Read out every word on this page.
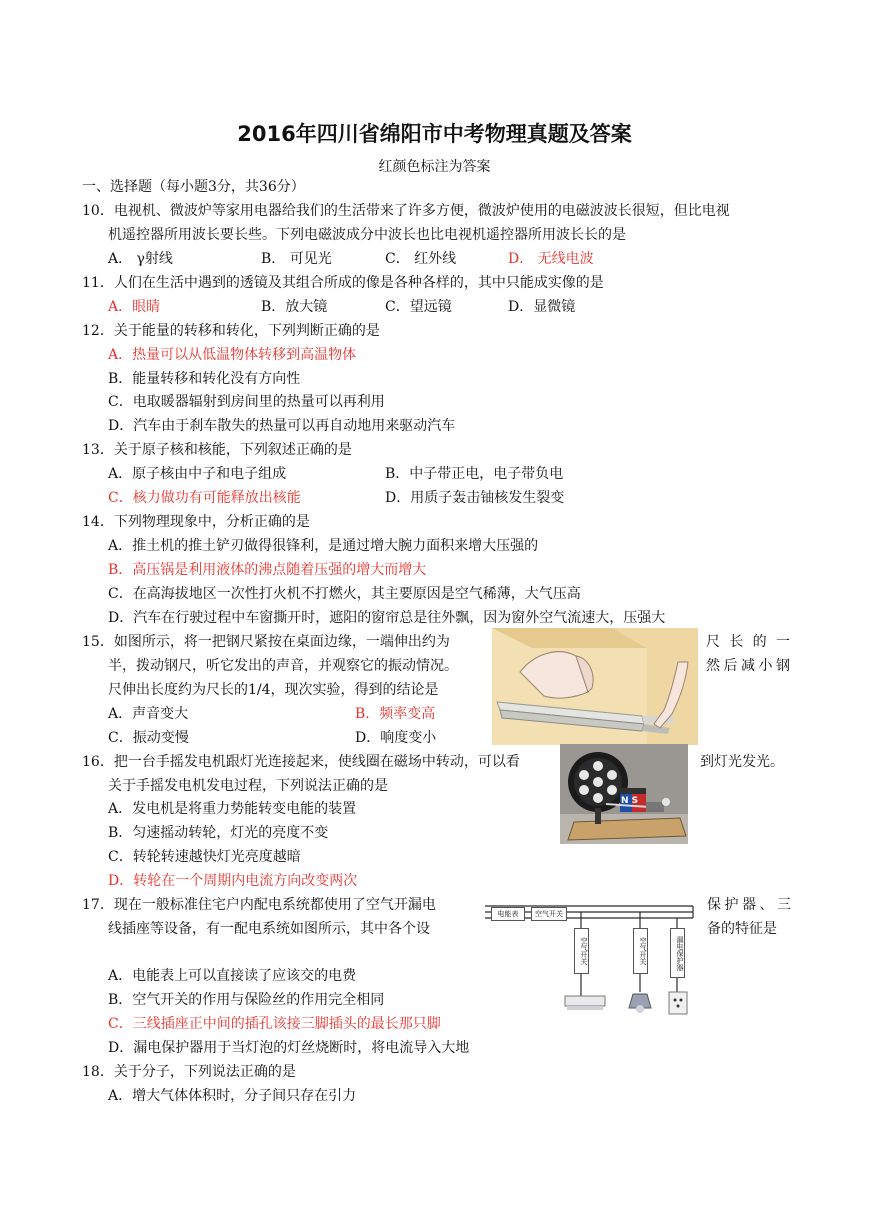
2016年四川省绵阳市中考物理真题及答案
红颜色标注为答案
一、选择题（每小题3分，共36分）
10．电视机、微波炉等家用电器给我们的生活带来了许多方便，微波炉使用的电磁波波长很短，但比电视
机遥控器所用波长要长些。下列电磁波成分中波长也比电视机遥控器所用波长长的是
A． γ射线	B． 可见光	C． 红外线	D． 无线电波
11．人们在生活中遇到的透镜及其组合所成的像是各种各样的，其中只能成实像的是
A．眼睛	B．放大镜	C．望远镜	D．显微镜
12．关于能量的转移和转化，下列判断正确的是
A．热量可以从低温物体转移到高温物体
B．能量转移和转化没有方向性
C．电取暖器辐射到房间里的热量可以再利用
D．汽车由于刹车散失的热量可以再自动地用来驱动汽车
13．关于原子核和核能，下列叙述正确的是
A．原子核由中子和电子组成	B．中子带正电，电子带负电
C．核力做功有可能释放出核能	D．用质子轰击铀核发生裂变
14．下列物理现象中，分析正确的是
A．推土机的推土铲刃做得很锋利，是通过增大腕力面积来增大压强的
B．高压锅是利用液体的沸点随着压强的增大而增大
C．在高海拔地区一次性打火机不打燃火，其主要原因是空气稀薄，大气压高
D．汽车在行驶过程中车窗撕开时，遮阳的窗帘总是往外飘，因为窗外空气流速大，压强大
15．如图所示，将一把钢尺紧按在桌面边缘，一端伸出约为	尺 长 的 一
半，拨动钢尺，听它发出的声音，并观察它的振动情况。	然 后 减 小 钢
尺伸出长度约为尺长的1/4，现次实验，得到的结论是
A．声音变大	B．频率变高
C．振动变慢	D．响度变小
16．把一台手摇发电机跟灯光连接起来，使线圈在磁场中转动，可以看	到灯光发光。
关于手摇发电机发电过程，下列说法正确的是
A．发电机是将重力势能转变电能的装置
B．匀速摇动转轮，灯光的亮度不变
C．转轮转速越快灯光亮度越暗
D．转轮在一个周期内电流方向改变两次
N S
17．现在一般标准住宅户内配电系统都使用了空气开漏电	保 护 器 、 三
线插座等设备，有一配电系统如图所示，其中各个设	备的特征是
A．电能表上可以直接读了应该交的电费
B．空气开关的作用与保险丝的作用完全相同
C．三线插座正中间的插孔该接三脚插头的最长那只脚
D．漏电保护器用于当灯泡的灯丝烧断时，将电流导入大地
电能表	空气开关
空气开关	空气开关	漏电保护器
18．关于分子，下列说法正确的是
A．增大气体体积时，分子间只存在引力
